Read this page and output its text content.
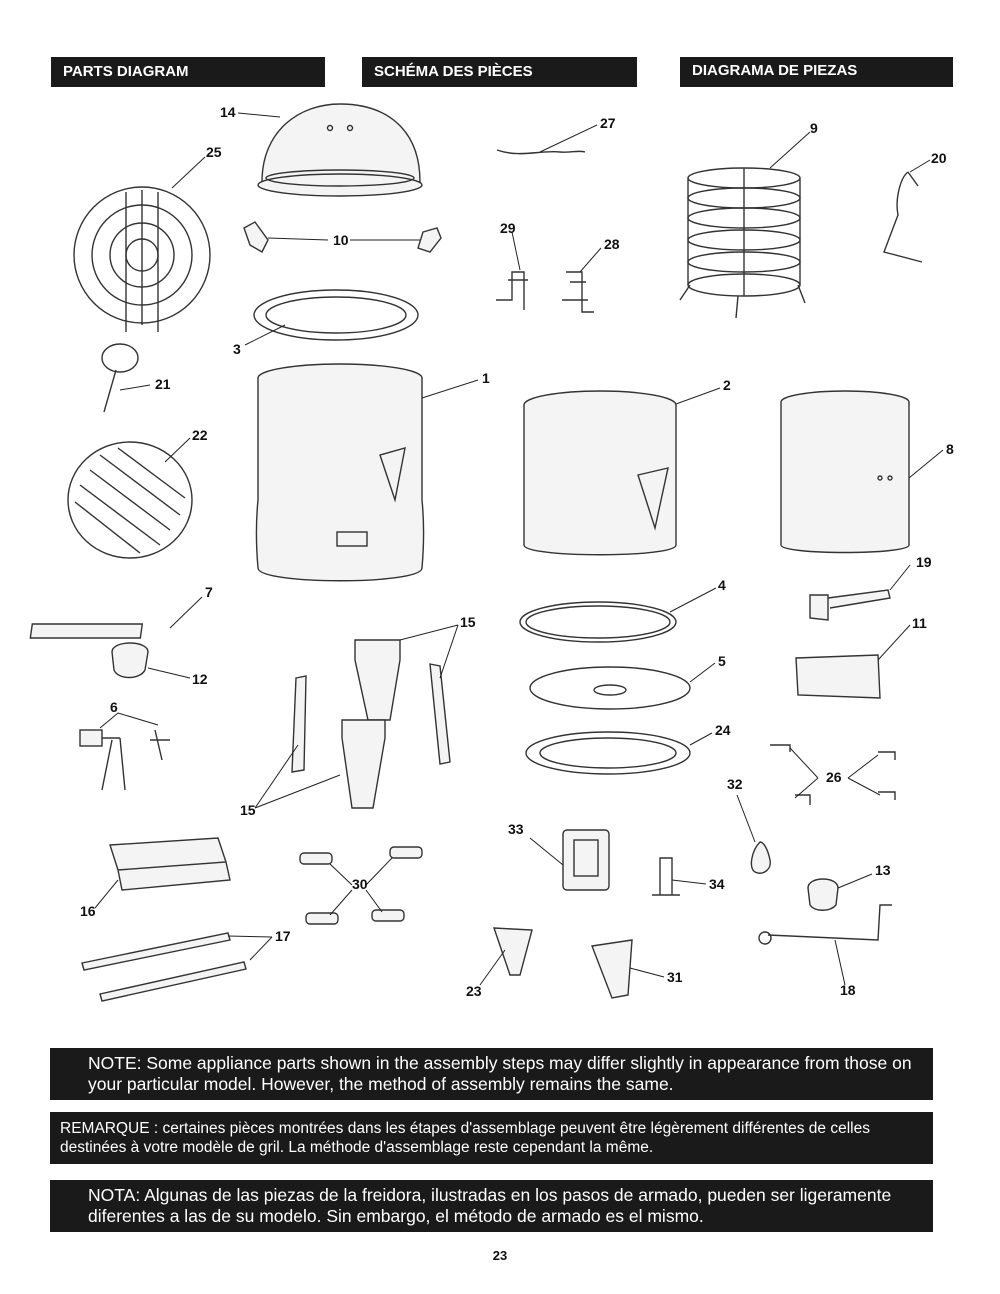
PARTS DIAGRAM	SCHÉMA DES PIÈCES	DIAGRAMA DE PIEZAS
14
27	9
25	20
10
29
28
3
21	1	2
8
22
19
7
15	11
4
12
5
6
24
26
32
15
33
13
30	34
16
17
23
31
18
NOTE: Some appliance parts shown in the assembly steps may differ slightly in appearance from those on your particular model. However, the method of assembly remains the same.
REMARQUE : certaines pièces montrées dans les étapes d'assemblage peuvent être légèrement différentes de celles destinées à votre modèle de gril. La méthode d'assemblage reste cependant la même.
NOTA: Algunas de las piezas de la freidora, ilustradas en los pasos de armado, pueden ser ligeramente diferentes a las de su modelo. Sin embargo, el método de armado es el mismo.
23
